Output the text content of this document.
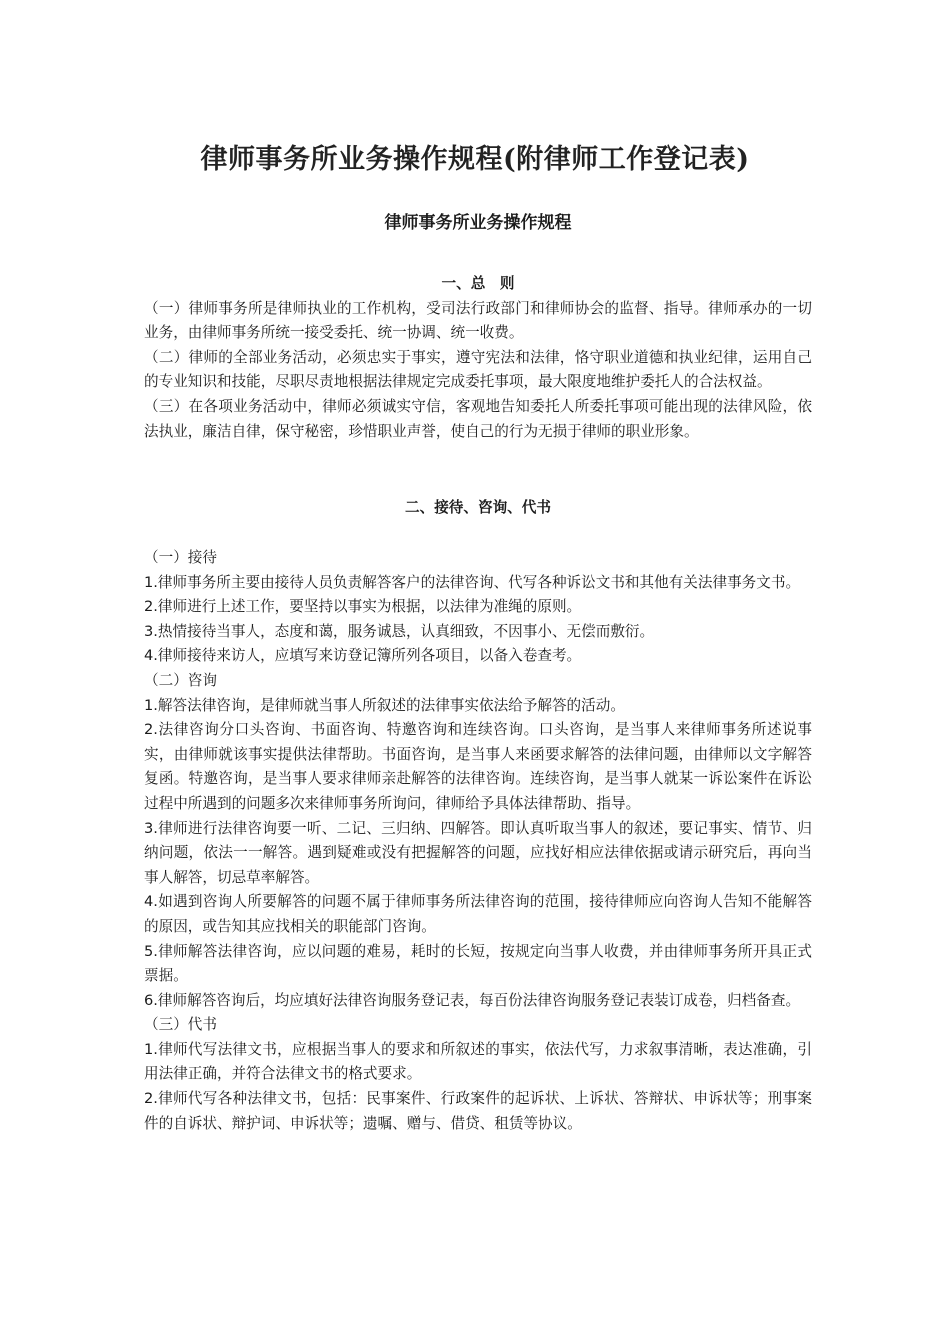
律师事务所业务操作规程(附律师工作登记表)
律师事务所业务操作规程
一、总　则

（一）律师事务所是律师执业的工作机构，受司法行政部门和律师协会的监督、指导。律师承办的一切业务，由律师事务所统一接受委托、统一协调、统一收费。

（二）律师的全部业务活动，必须忠实于事实，遵守宪法和法律，恪守职业道德和执业纪律，运用自己的专业知识和技能，尽职尽责地根据法律规定完成委托事项，最大限度地维护委托人的合法权益。

（三）在各项业务活动中，律师必须诚实守信，客观地告知委托人所委托事项可能出现的法律风险，依法执业，廉洁自律，保守秘密，珍惜职业声誉，使自己的行为无损于律师的职业形象。

二、接待、咨询、代书

（一）接待

1.律师事务所主要由接待人员负责解答客户的法律咨询、代写各种诉讼文书和其他有关法律事务文书。

2.律师进行上述工作，要坚持以事实为根据，以法律为准绳的原则。

3.热情接待当事人，态度和蔼，服务诚恳，认真细致，不因事小、无偿而敷衍。

4.律师接待来访人，应填写来访登记簿所列各项目，以备入卷查考。

（二）咨询

1.解答法律咨询，是律师就当事人所叙述的法律事实依法给予解答的活动。

2.法律咨询分口头咨询、书面咨询、特邀咨询和连续咨询。口头咨询，是当事人来律师事务所述说事实，由律师就该事实提供法律帮助。书面咨询，是当事人来函要求解答的法律问题，由律师以文字解答复函。特邀咨询，是当事人要求律师亲赴解答的法律咨询。连续咨询，是当事人就某一诉讼案件在诉讼过程中所遇到的问题多次来律师事务所询问，律师给予具体法律帮助、指导。

3.律师进行法律咨询要一听、二记、三归纳、四解答。即认真听取当事人的叙述，要记事实、情节、归纳问题，依法一一解答。遇到疑难或没有把握解答的问题，应找好相应法律依据或请示研究后，再向当事人解答，切忌草率解答。

4.如遇到咨询人所要解答的问题不属于律师事务所法律咨询的范围，接待律师应向咨询人告知不能解答的原因，或告知其应找相关的职能部门咨询。

5.律师解答法律咨询，应以问题的难易，耗时的长短，按规定向当事人收费，并由律师事务所开具正式票据。

6.律师解答咨询后，均应填好法律咨询服务登记表，每百份法律咨询服务登记表装订成卷，归档备查。

（三）代书

1.律师代写法律文书，应根据当事人的要求和所叙述的事实，依法代写，力求叙事清晰，表达准确，引用法律正确，并符合法律文书的格式要求。

2.律师代写各种法律文书，包括：民事案件、行政案件的起诉状、上诉状、答辩状、申诉状等；刑事案件的自诉状、辩护词、申诉状等；遗嘱、赠与、借贷、租赁等协议。
